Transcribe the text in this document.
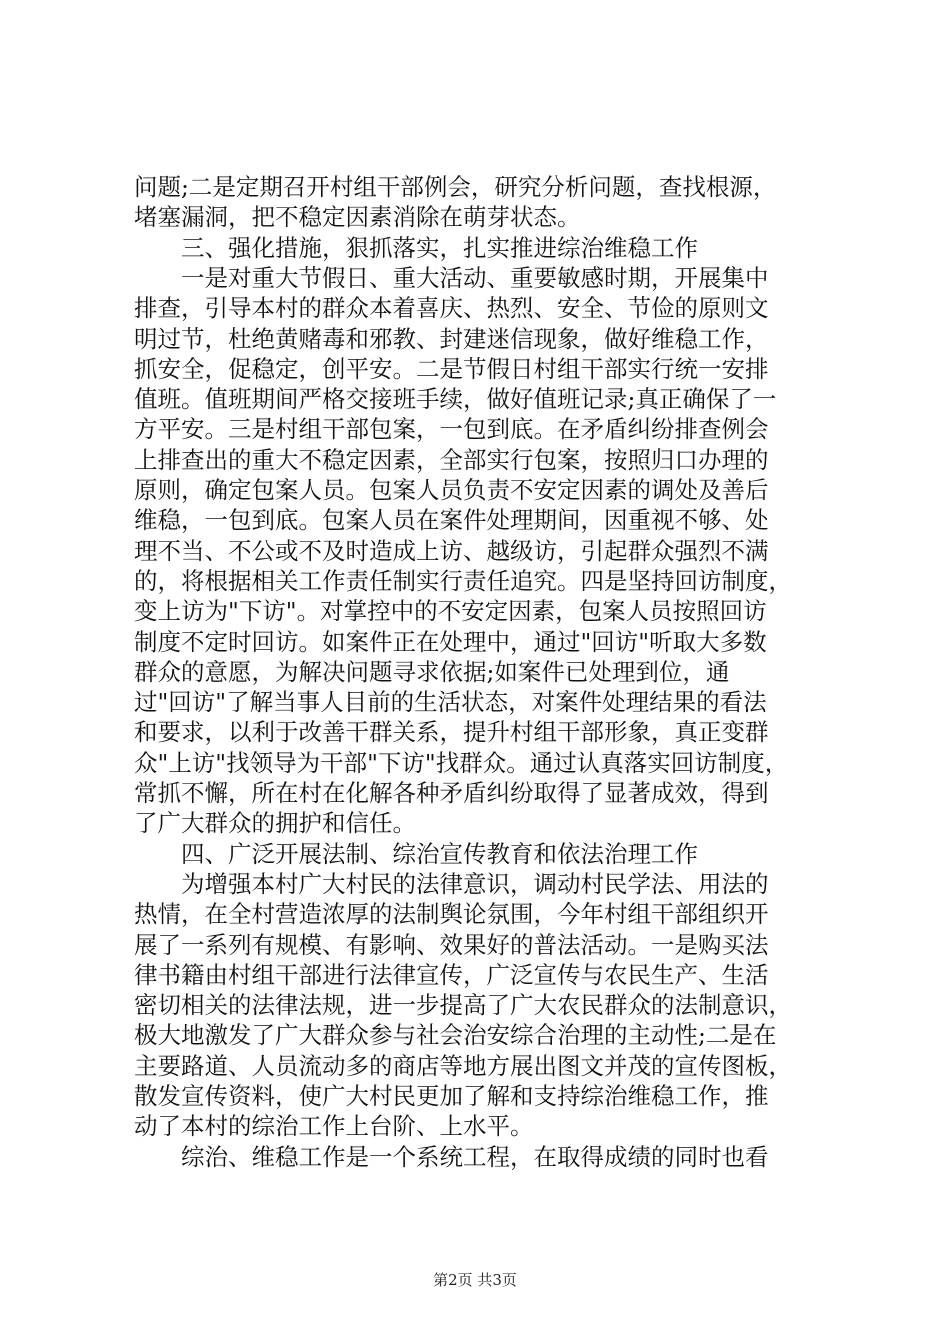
问题;二是定期召开村组干部例会，研究分析问题，查找根源，
堵塞漏洞，把不稳定因素消除在萌芽状态。
三、强化措施，狠抓落实，扎实推进综治维稳工作
一是对重大节假日、重大活动、重要敏感时期，开展集中
排查，引导本村的群众本着喜庆、热烈、安全、节俭的原则文
明过节，杜绝黄赌毒和邪教、封建迷信现象，做好维稳工作，
抓安全，促稳定，创平安。二是节假日村组干部实行统一安排
值班。值班期间严格交接班手续，做好值班记录;真正确保了一
方平安。三是村组干部包案，一包到底。在矛盾纠纷排查例会
上排查出的重大不稳定因素，全部实行包案，按照归口办理的
原则，确定包案人员。包案人员负责不安定因素的调处及善后
维稳，一包到底。包案人员在案件处理期间，因重视不够、处
理不当、不公或不及时造成上访、越级访，引起群众强烈不满
的，将根据相关工作责任制实行责任追究。四是坚持回访制度，
变上访为"下访"。对掌控中的不安定因素，包案人员按照回访
制度不定时回访。如案件正在处理中，通过"回访"听取大多数
群众的意愿，为解决问题寻求依据;如案件已处理到位，通
过"回访"了解当事人目前的生活状态，对案件处理结果的看法
和要求，以利于改善干群关系，提升村组干部形象，真正变群
众"上访"找领导为干部"下访"找群众。通过认真落实回访制度，
常抓不懈，所在村在化解各种矛盾纠纷取得了显著成效，得到
了广大群众的拥护和信任。
四、广泛开展法制、综治宣传教育和依法治理工作
为增强本村广大村民的法律意识，调动村民学法、用法的
热情，在全村营造浓厚的法制舆论氛围，今年村组干部组织开
展了一系列有规模、有影响、效果好的普法活动。一是购买法
律书籍由村组干部进行法律宣传，广泛宣传与农民生产、生活
密切相关的法律法规，进一步提高了广大农民群众的法制意识，
极大地激发了广大群众参与社会治安综合治理的主动性;二是在
主要路道、人员流动多的商店等地方展出图文并茂的宣传图板，
散发宣传资料，使广大村民更加了解和支持综治维稳工作，推
动了本村的综治工作上台阶、上水平。
综治、维稳工作是一个系统工程，在取得成绩的同时也看
第2页 共3页
